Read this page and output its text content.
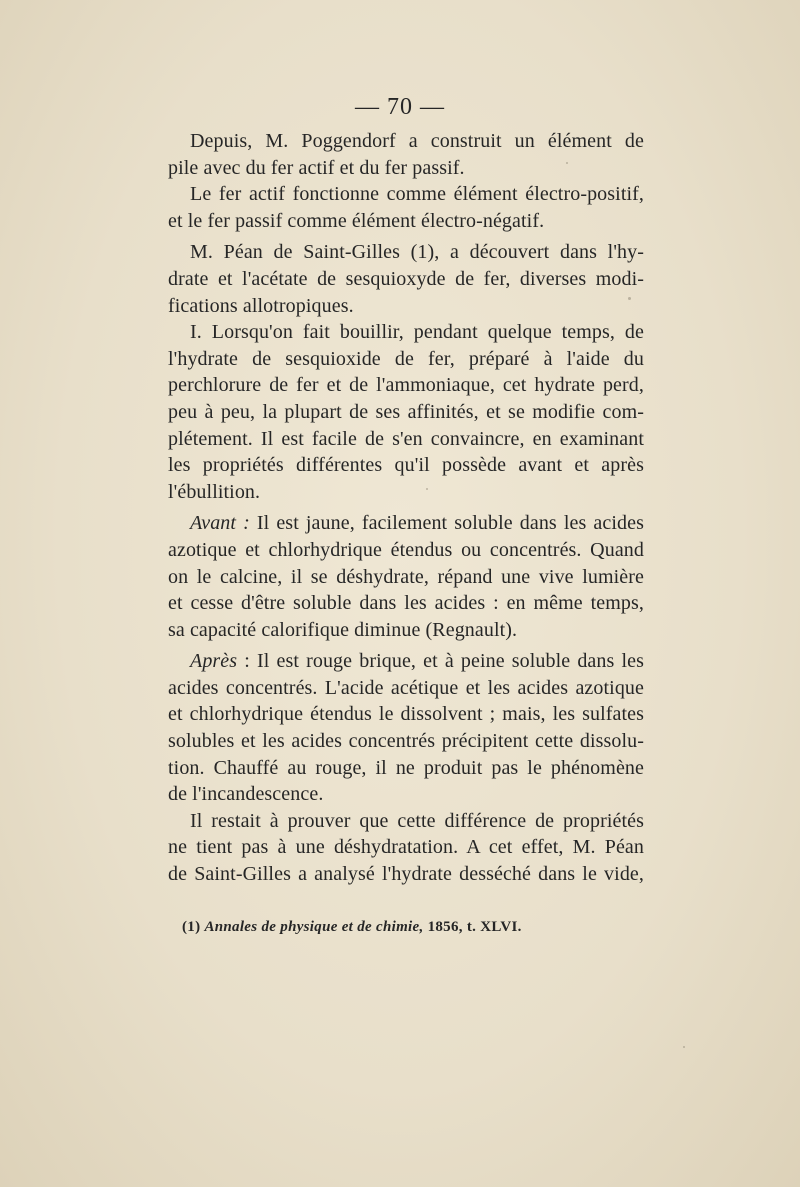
— 70 —
Depuis, M. Poggendorf a construit un élément de
pile avec du fer actif et du fer passif.
Le fer actif fonctionne comme élément électro-positif,
et le fer passif comme élément électro-négatif.
M. Péan de Saint-Gilles (1), a découvert dans l'hy-
drate et l'acétate de sesquioxyde de fer, diverses modi-
fications allotropiques.
I. Lorsqu'on fait bouillir, pendant quelque temps, de
l'hydrate de sesquioxide de fer, préparé à l'aide du
perchlorure de fer et de l'ammoniaque, cet hydrate perd,
peu à peu, la plupart de ses affinités, et se modifie com-
plétement. Il est facile de s'en convaincre, en examinant
les propriétés différentes qu'il possède avant et après
l'ébullition.
Avant : Il est jaune, facilement soluble dans les acides
azotique et chlorhydrique étendus ou concentrés. Quand
on le calcine, il se déshydrate, répand une vive lumière
et cesse d'être soluble dans les acides : en même temps,
sa capacité calorifique diminue (Regnault).
Après : Il est rouge brique, et à peine soluble dans les
acides concentrés. L'acide acétique et les acides azotique
et chlorhydrique étendus le dissolvent ; mais, les sulfates
solubles et les acides concentrés précipitent cette dissolu-
tion. Chauffé au rouge, il ne produit pas le phénomène
de l'incandescence.
Il restait à prouver que cette différence de propriétés
ne tient pas à une déshydratation. A cet effet, M. Péan
de Saint-Gilles a analysé l'hydrate desséché dans le vide,
(1) Annales de physique et de chimie, 1856, t. XLVI.
